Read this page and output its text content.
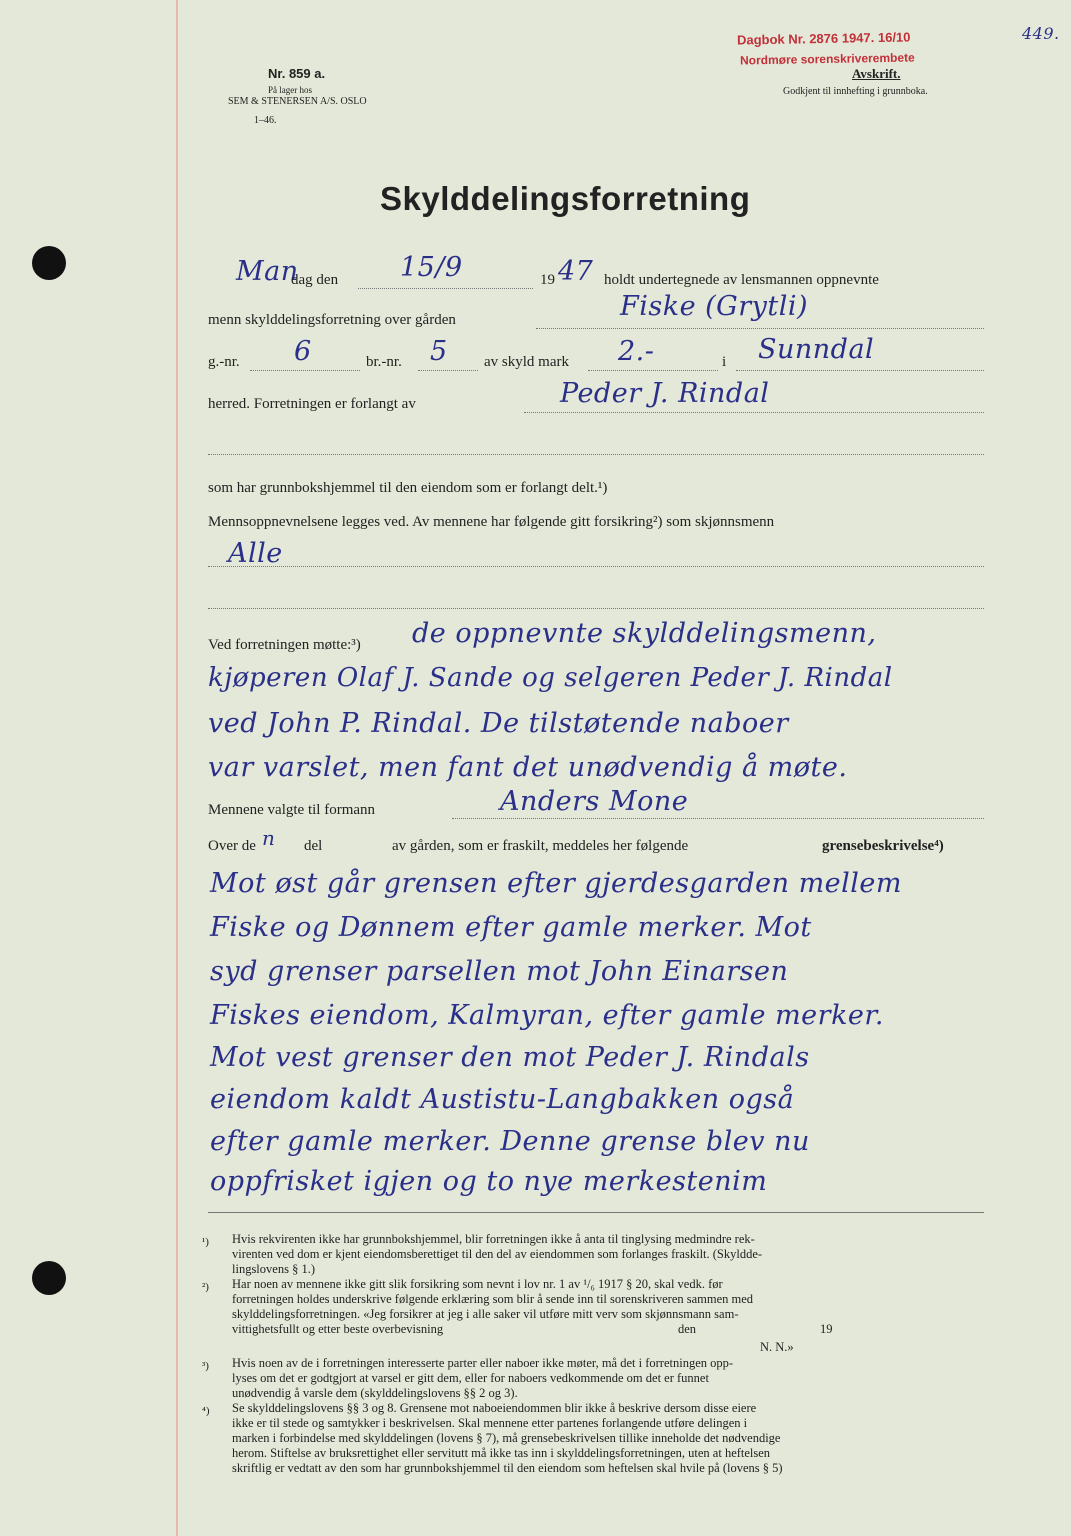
Nr. 859 a.
På lager hos
SEM & STENERSEN A/S. OSLO
1–46.
Dagbok Nr. 2876 1947. 16/10
Nordmøre sorenskriverembete
449.
Avskrift.
Godkjent til innhefting i grunnboka.
Skylddelingsforretning
Man
dag den 15/9	19 47 holdt undertegnede av lensmannen oppnevnte
menn skylddelingsforretning over gården	Fiske (Grytli)
g.-nr. 6	br.-nr. 5 av skyld mark 2.-	i Sunndal
herred. Forretningen er forlangt av	Peder J. Rindal
som har grunnbokshjemmel til den eiendom som er forlangt delt.¹)
Mennsoppnevnelsene legges ved. Av mennene har følgende gitt forsikring²) som skjønnsmenn
Alle
Ved forretningen møtte:³) de oppnevnte skylddelingsmenn,
kjøperen Olaf J. Sande og selgeren Peder J. Rindal
ved John P. Rindal. De tilstøtende naboer
var varslet, men fant det unødvendig å møte.
Mennene valgte til formann	Anders Mone
Over de n del	av gården, som er fraskilt, meddeles her følgende	grensebeskrivelse⁴)
Mot øst går grensen efter gjerdesgarden mellem
Fiske og Dønnem efter gamle merker. Mot
syd grenser parsellen mot John Einarsen
Fiskes eiendom, Kalmyran, efter gamle merker.
Mot vest grenser den mot Peder J. Rindals
eiendom kaldt Austistu-Langbakken også
efter gamle merker. Denne grense blev nu
oppfrisket igjen og to nye merkestenim
¹) Hvis rekvirenten ikke har grunnbokshjemmel, blir forretningen ikke å anta til tinglysing medmindre rek-
virenten ved dom er kjent eiendomsberettiget til den del av eiendommen som forlanges fraskilt. (Skyldde-
lingslovens § 1.)
²) Har noen av mennene ikke gitt slik forsikring som nevnt i lov nr. 1 av ¹/₆ 1917 § 20, skal vedk. før
forretningen holdes underskrive følgende erklæring som blir å sende inn til sorenskriveren sammen med
skylddelingsforretningen. «Jeg forsikrer at jeg i alle saker vil utføre mitt verv som skjønnsmann sam-
vittighetsfullt og etter beste overbevisning	den	19
N. N.»
³) Hvis noen av de i forretningen interesserte parter eller naboer ikke møter, må det i forretningen opp-
lyses om det er godtgjort at varsel er gitt dem, eller for naboers vedkommende om det er funnet
unødvendig å varsle dem (skylddelingslovens §§ 2 og 3).
⁴) Se skylddelingslovens §§ 3 og 8. Grensene mot naboeiendommen blir ikke å beskrive dersom disse eiere
ikke er til stede og samtykker i beskrivelsen. Skal mennene etter partenes forlangende utføre delingen i
marken i forbindelse med skylddelingen (lovens § 7), må grensebeskrivelsen tillike inneholde det nødvendige
herom. Stiftelse av bruksrettighet eller servitutt må ikke tas inn i skylddelingsforretningen, uten at heftelsen
skriftlig er vedtatt av den som har grunnbokshjemmel til den eiendom som heftelsen skal hvile på (lovens § 5)
